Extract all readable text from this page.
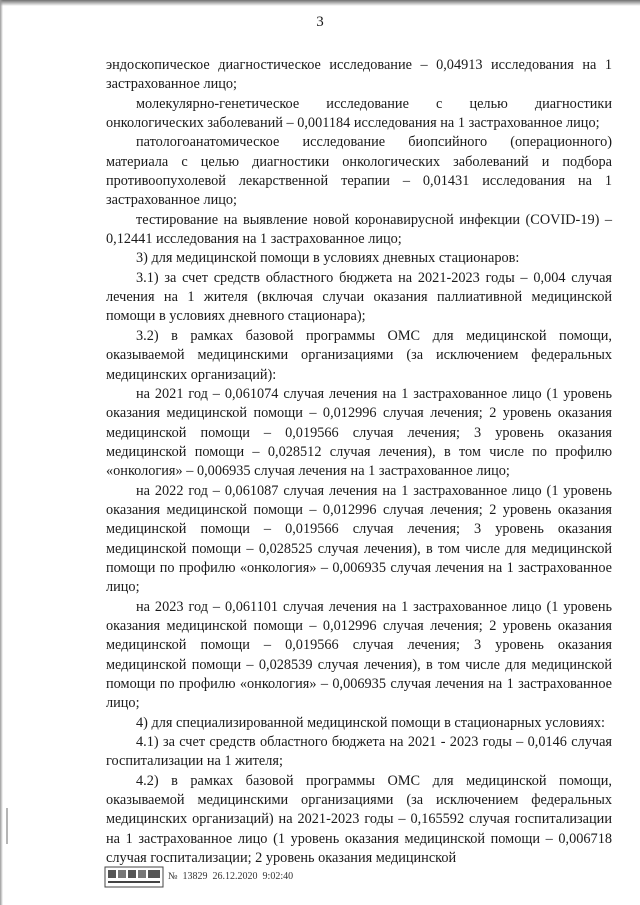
3

эндоскопическое диагностическое исследование – 0,04913 исследования на 1 застрахованное лицо;

молекулярно-генетическое исследование с целью диагностики онкологических заболеваний – 0,001184 исследования на 1 застрахованное лицо;

патологоанатомическое исследование биопсийного (операционного) материала с целью диагностики онкологических заболеваний и подбора противоопухолевой лекарственной терапии – 0,01431 исследования на 1 застрахованное лицо;

тестирование на выявление новой коронавирусной инфекции (COVID-19) – 0,12441 исследования на 1 застрахованное лицо;

3) для медицинской помощи в условиях дневных стационаров:

3.1) за счет средств областного бюджета на 2021-2023 годы – 0,004 случая лечения на 1 жителя (включая случаи оказания паллиативной медицинской помощи в условиях дневного стационара);

3.2) в рамках базовой программы ОМС для медицинской помощи, оказываемой медицинскими организациями (за исключением федеральных медицинских организаций):

на 2021 год – 0,061074 случая лечения на 1 застрахованное лицо (1 уровень оказания медицинской помощи – 0,012996 случая лечения; 2 уровень оказания медицинской помощи – 0,019566 случая лечения; 3 уровень оказания медицинской помощи – 0,028512 случая лечения), в том числе по профилю «онкология» – 0,006935 случая лечения на 1 застрахованное лицо;

на 2022 год – 0,061087 случая лечения на 1 застрахованное лицо (1 уровень оказания медицинской помощи – 0,012996 случая лечения; 2 уровень оказания медицинской помощи – 0,019566 случая лечения; 3 уровень оказания медицинской помощи – 0,028525 случая лечения), в том числе для медицинской помощи по профилю «онкология» – 0,006935 случая лечения на 1 застрахованное лицо;

на 2023 год – 0,061101 случая лечения на 1 застрахованное лицо (1 уровень оказания медицинской помощи – 0,012996 случая лечения; 2 уровень оказания медицинской помощи – 0,019566 случая лечения; 3 уровень оказания медицинской помощи – 0,028539 случая лечения), в том числе для медицинской помощи по профилю «онкология» – 0,006935 случая лечения на 1 застрахованное лицо;

4) для специализированной медицинской помощи в стационарных условиях:

4.1) за счет средств областного бюджета на 2021 - 2023 годы – 0,0146 случая госпитализации на 1 жителя;

4.2) в рамках базовой программы ОМС для медицинской помощи, оказываемой медицинскими организациями (за исключением федеральных медицинских организаций) на 2021-2023 годы – 0,165592 случая госпитализации на 1 застрахованное лицо (1 уровень оказания медицинской помощи – 0,006718 случая госпитализации; 2 уровень оказания медицинской

№ 13829 26.12.2020 9:02:40
